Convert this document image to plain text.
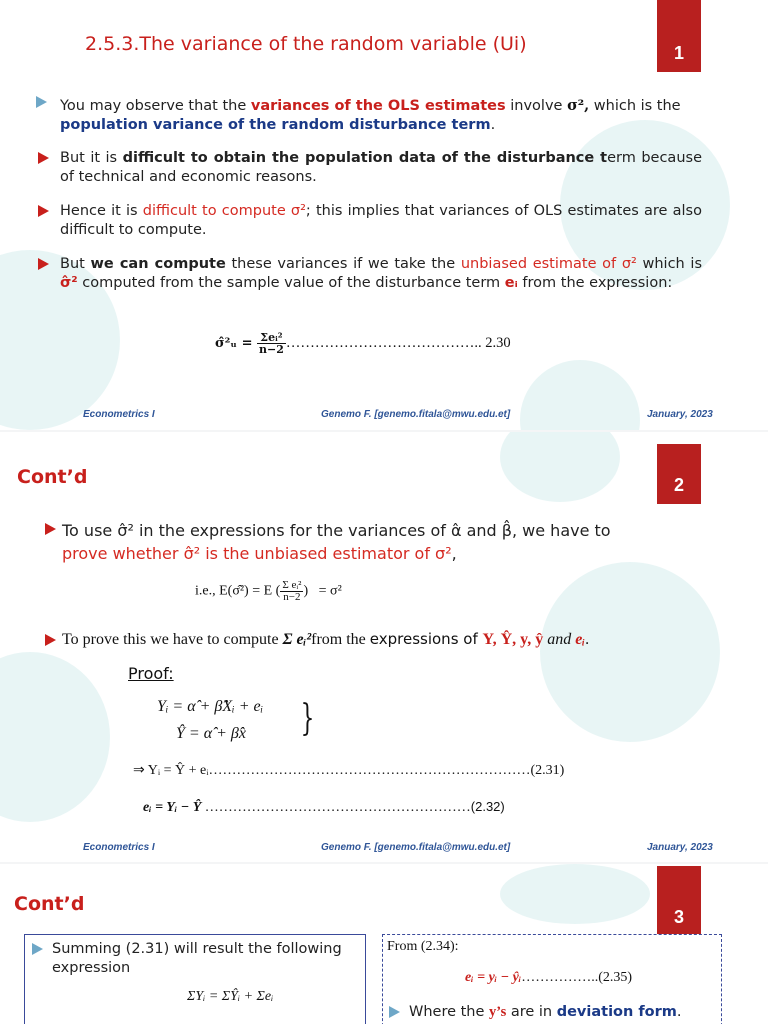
1
2.5.3.The variance of the random variable (Ui)
You may observe that the variances of the OLS estimates involve σ², which is the
population variance of the random disturbance term.
But it is difficult to obtain the population data of the disturbance term because of technical and economic reasons.
Hence it is difficult to compute σ²; this implies that variances of OLS estimates are also difficult to compute.
But we can compute these variances if we take the unbiased estimate of σ² which is σ̂² computed from the sample value of the disturbance term eᵢ from the expression:
σ̂²ᵤ = $\frac{\text{Σeᵢ²}}{n-2}$ ………………………………….. 2.30
Econometrics I	Genemo F. [genemo.fitala@mwu.edu.et]	January, 2023
Cont’d	2
To use σ̂² in the expressions for the variances of α̂ and β̂, we have to
prove whether σ̂² is the unbiased estimator of σ²,
i.e., E(σ̂²) = E ( $\frac{\text{Σ eᵢ²}}{n-2}$ )   = σ²
To prove this we have to compute Σ eᵢ²from the expressions of Y, Ŷ, y, ŷ and eᵢ.
Proof:
Yᵢ = α̂ + β̂Xᵢ + eᵢ
Ŷ = α̂ + β̂x }
⇒ Yᵢ = Ŷ + eᵢ……………………………………………………………(2.31)
eᵢ = Yᵢ − Ŷ …………………………………………………(2.32)
Econometrics I	Genemo F. [genemo.fitala@mwu.edu.et]	January, 2023
Cont’d
3
Summing (2.31) will result the following expression
ΣYᵢ = ΣŶᵢ + Σeᵢ
From (2.34):
eᵢ = yᵢ − ŷᵢ……………..(2.35)
Where the y’s are in deviation form.
